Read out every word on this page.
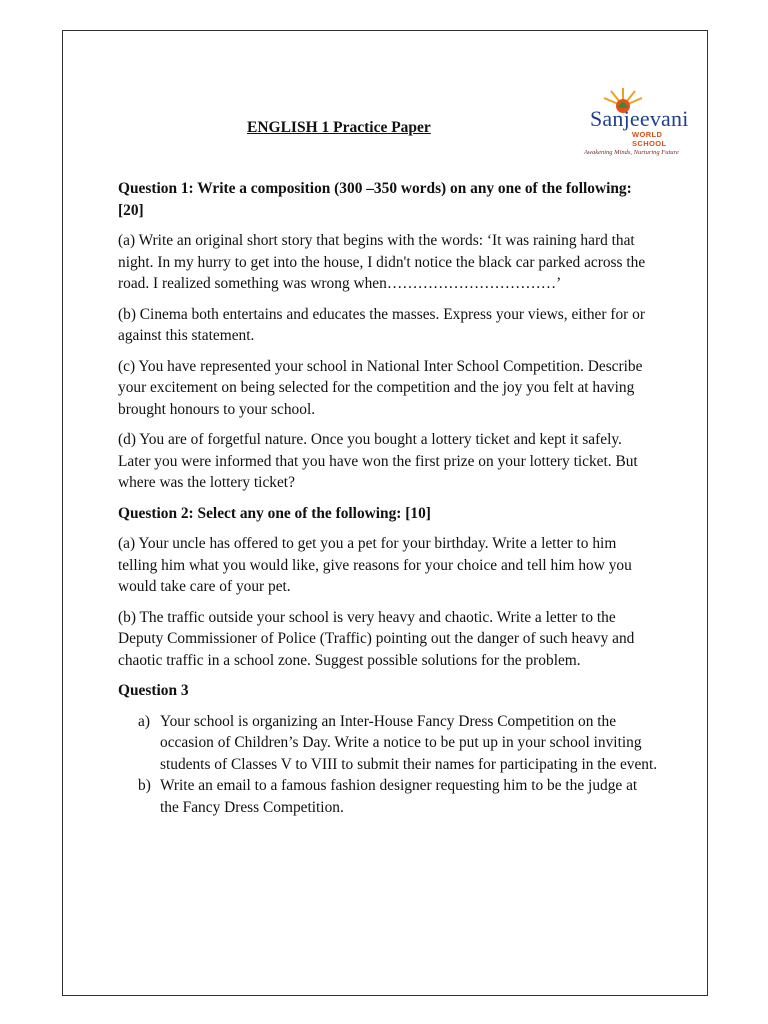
ENGLISH 1 Practice Paper	Sanjeevani
WORLD SCHOOL
Awakening Minds, Nurturing Future

Question 1: Write a composition (300 –350 words) on any one of the following: [20]

(a) Write an original short story that begins with the words: ‘It was raining hard that night. In my hurry to get into the house, I didn't notice the black car parked across the road. I realized something was wrong when……………………………’

(b) Cinema both entertains and educates the masses. Express your views, either for or against this statement.

(c) You have represented your school in National Inter School Competition. Describe your excitement on being selected for the competition and the joy you felt at having brought honours to your school.

(d) You are of forgetful nature. Once you bought a lottery ticket and kept it safely. Later you were informed that you have won the first prize on your lottery ticket. But where was the lottery ticket?

Question 2: Select any one of the following: [10]

(a) Your uncle has offered to get you a pet for your birthday. Write a letter to him telling him what you would like, give reasons for your choice and tell him how you would take care of your pet.

(b) The traffic outside your school is very heavy and chaotic. Write a letter to the Deputy Commissioner of Police (Traffic) pointing out the danger of such heavy and chaotic traffic in a school zone. Suggest possible solutions for the problem.

Question 3

a) Your school is organizing an Inter-House Fancy Dress Competition on the occasion of Children’s Day. Write a notice to be put up in your school inviting students of Classes V to VIII to submit their names for participating in the event.
b) Write an email to a famous fashion designer requesting him to be the judge at the Fancy Dress Competition.
